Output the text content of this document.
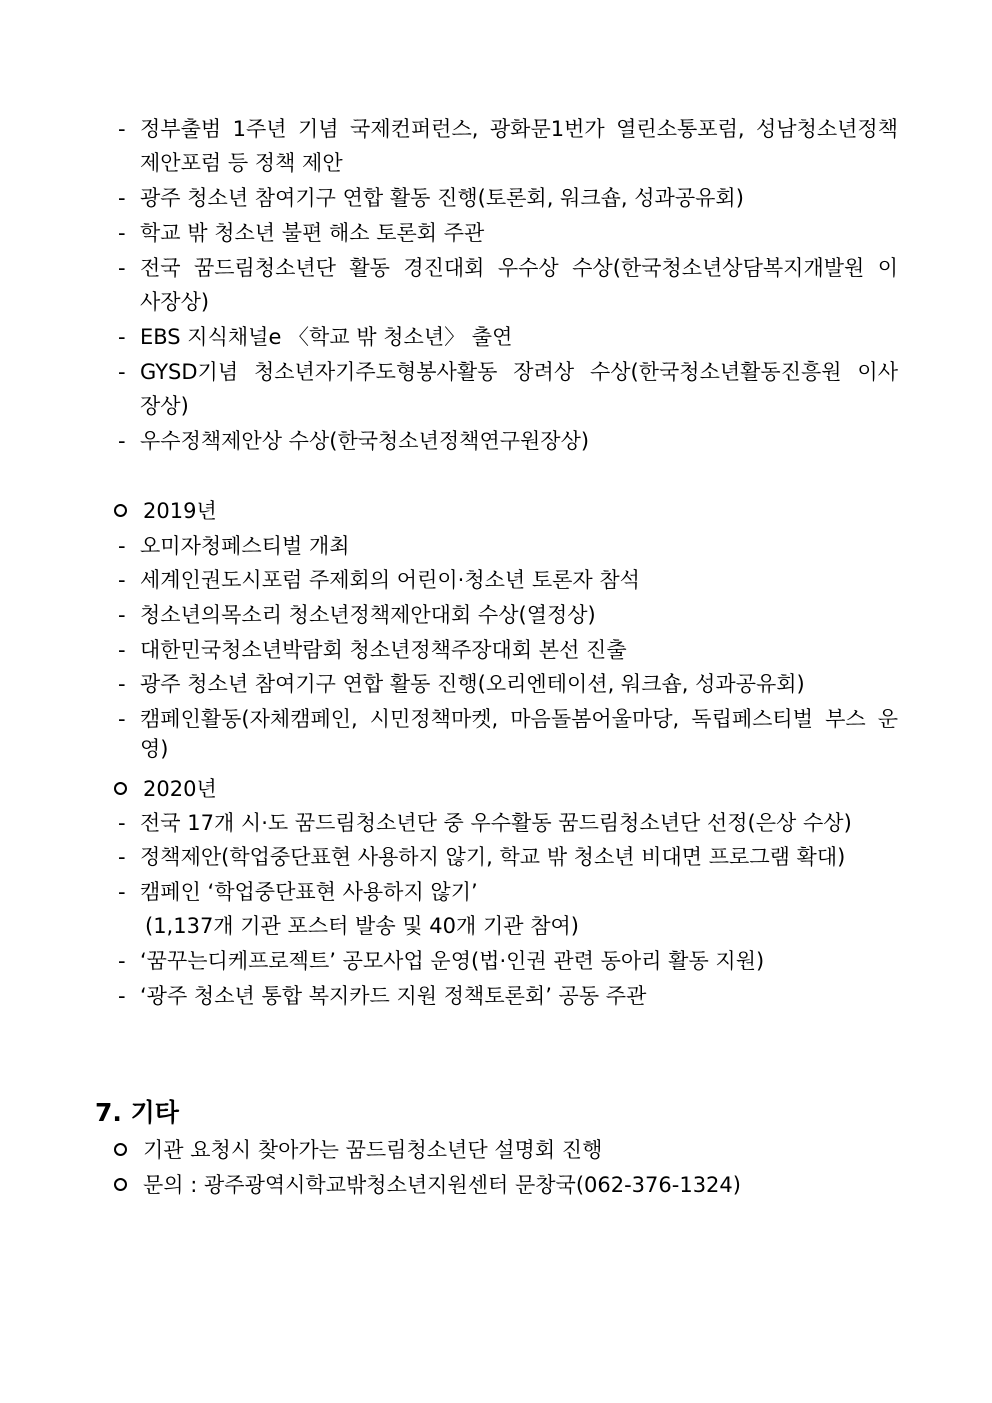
- 정부출범 1주년 기념 국제컨퍼런스, 광화문1번가 열린소통포럼, 성남청소년정책
제안포럼 등 정책 제안
- 광주 청소년 참여기구 연합 활동 진행(토론회, 워크숍, 성과공유회)
- 학교 밖 청소년 불편 해소 토론회 주관
- 전국 꿈드림청소년단 활동 경진대회 우수상 수상(한국청소년상담복지개발원 이
사장상)
- EBS 지식채널e 〈학교 밖 청소년〉 출연
- GYSD기념 청소년자기주도형봉사활동 장려상 수상(한국청소년활동진흥원 이사
장상)
- 우수정책제안상 수상(한국청소년정책연구원장상)
2019년
- 오미자청페스티벌 개최
- 세계인권도시포럼 주제회의 어린이·청소년 토론자 참석
- 청소년의목소리 청소년정책제안대회 수상(열정상)
- 대한민국청소년박람회 청소년정책주장대회 본선 진출
- 광주 청소년 참여기구 연합 활동 진행(오리엔테이션, 워크숍, 성과공유회)
- 캠페인활동(자체캠페인, 시민정책마켓, 마음돌봄어울마당, 독립페스티벌 부스 운영)
2020년
- 전국 17개 시·도 꿈드림청소년단 중 우수활동 꿈드림청소년단 선정(은상 수상)
- 정책제안(학업중단표현 사용하지 않기, 학교 밖 청소년 비대면 프로그램 확대)
- 캠페인 ‘학업중단표현 사용하지 않기’
(1,137개 기관 포스터 발송 및 40개 기관 참여)
- ‘꿈꾸는디케프로젝트’ 공모사업 운영(법·인권 관련 동아리 활동 지원)
- ‘광주 청소년 통합 복지카드 지원 정책토론회’ 공동 주관
7. 기타
기관 요청시 찾아가는 꿈드림청소년단 설명회 진행
문의 : 광주광역시학교밖청소년지원센터 문창국(062-376-1324)
